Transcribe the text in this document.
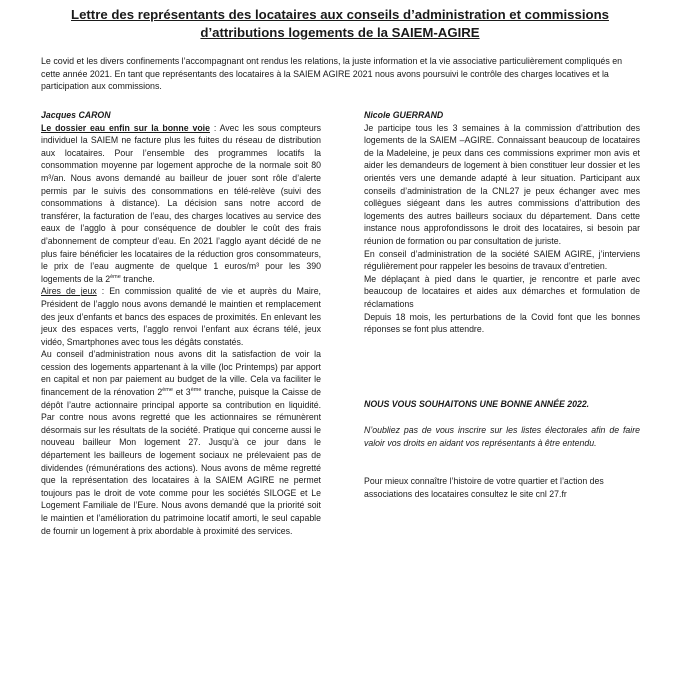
Lettre des représentants des locataires aux conseils d’administration et commissions
d’attributions logements de la SAIEM-AGIRE

Le covid et les divers confinements l’accompagnant ont rendus les relations, la juste information et la vie associative particulièrement compliqués en cette année 2021. En tant que représentants des locataires à la SAIEM AGIRE 2021 nous avons poursuivi le contrôle des charges locatives et la participation aux commissions.

Jacques CARON

Le dossier eau enfin sur la bonne voie : Avec les sous compteurs individuel la SAIEM ne facture plus les fuites du réseau de distribution aux locataires. Pour l’ensemble des programmes locatifs la consommation moyenne par logement approche de la normale soit 80 m³/an. Nous avons demandé au bailleur de jouer sont rôle d’alerte permis par le suivis des consommations en télé-relève (suivi des consommations à distance). La décision sans notre accord de transférer, la facturation de l’eau, des charges locatives au service des eaux de l’agglo à pour conséquence de doubler le coût des frais d’abonnement de compteur d’eau. En 2021 l’agglo ayant décidé de ne plus faire bénéficier les locataires de la réduction gros consommateurs, le prix de l’eau augmente de quelque 1 euros/m³ pour les 390 logements de la 2ème tranche.

Aires de jeux : En commission qualité de vie et auprès du Maire, Président de l’agglo nous avons demandé le maintien et remplacement des jeux d’enfants et bancs des espaces de proximités. En enlevant les jeux des espaces verts, l’agglo renvoi l’enfant aux écrans télé, jeux vidéo, Smartphones avec tous les dégâts constatés.

Au conseil d’administration nous avons dit la satisfaction de voir la cession des logements appartenant à la ville (loc Printemps) par apport en capital et non par paiement au budget de la ville. Cela va faciliter le financement de la rénovation 2ème et 3ème tranche, puisque la Caisse de dépôt l’autre actionnaire principal apporte sa contribution en liquidité. Par contre nous avons regretté que les actionnaires se rémunèrent désormais sur les résultats de la société. Pratique qui concerne aussi le nouveau bailleur Mon logement 27. Jusqu’à ce jour dans le département les bailleurs de logement sociaux ne prélevaient pas de dividendes (rémunérations des actions). Nous avons de même regretté que la représentation des locataires à la SAIEM AGIRE ne permet toujours pas le droit de vote comme pour les sociétés SILOGE et Le Logement Familiale de l’Eure. Nous avons demandé que la priorité soit le maintien et l’amélioration du patrimoine locatif amorti, le seul capable de fournir un logement à prix abordable à proximité des services.

Nicole GUERRAND

Je participe tous les 3 semaines à la commission d’attribution des logements de la SAIEM –AGIRE. Connaissant beaucoup de locataires de la Madeleine, je peux dans ces commissions exprimer mon avis et aider les demandeurs de logement à bien constituer leur dossier et les orientés vers une demande adapté à leur situation. Participant aux conseils d’administration de la CNL27 je peux échanger avec mes collègues siégeant dans les autres commissions d’attribution des logements des autres bailleurs sociaux du département. Dans cette instance nous approfondissons le droit des locataires, si besoin par réunion de formation ou par consultation de juriste.

En conseil d’administration de la société SAIEM AGIRE, j’interviens régulièrement pour rappeler les besoins de travaux d’entretien.

Me déplaçant à pied dans le quartier, je rencontre et parle avec beaucoup de locataires et aides aux démarches et formulation de réclamations

Depuis 18 mois, les perturbations de la Covid font que les bonnes réponses se font plus attendre.

NOUS VOUS SOUHAITONS UNE BONNE ANNÉE 2022.

N’oubliez pas de vous inscrire sur les listes électorales afin de faire valoir vos droits en aidant vos représentants à être entendu.

Pour mieux connaître l’histoire de votre quartier et l’action des associations des locataires consultez le site cnl 27.fr
